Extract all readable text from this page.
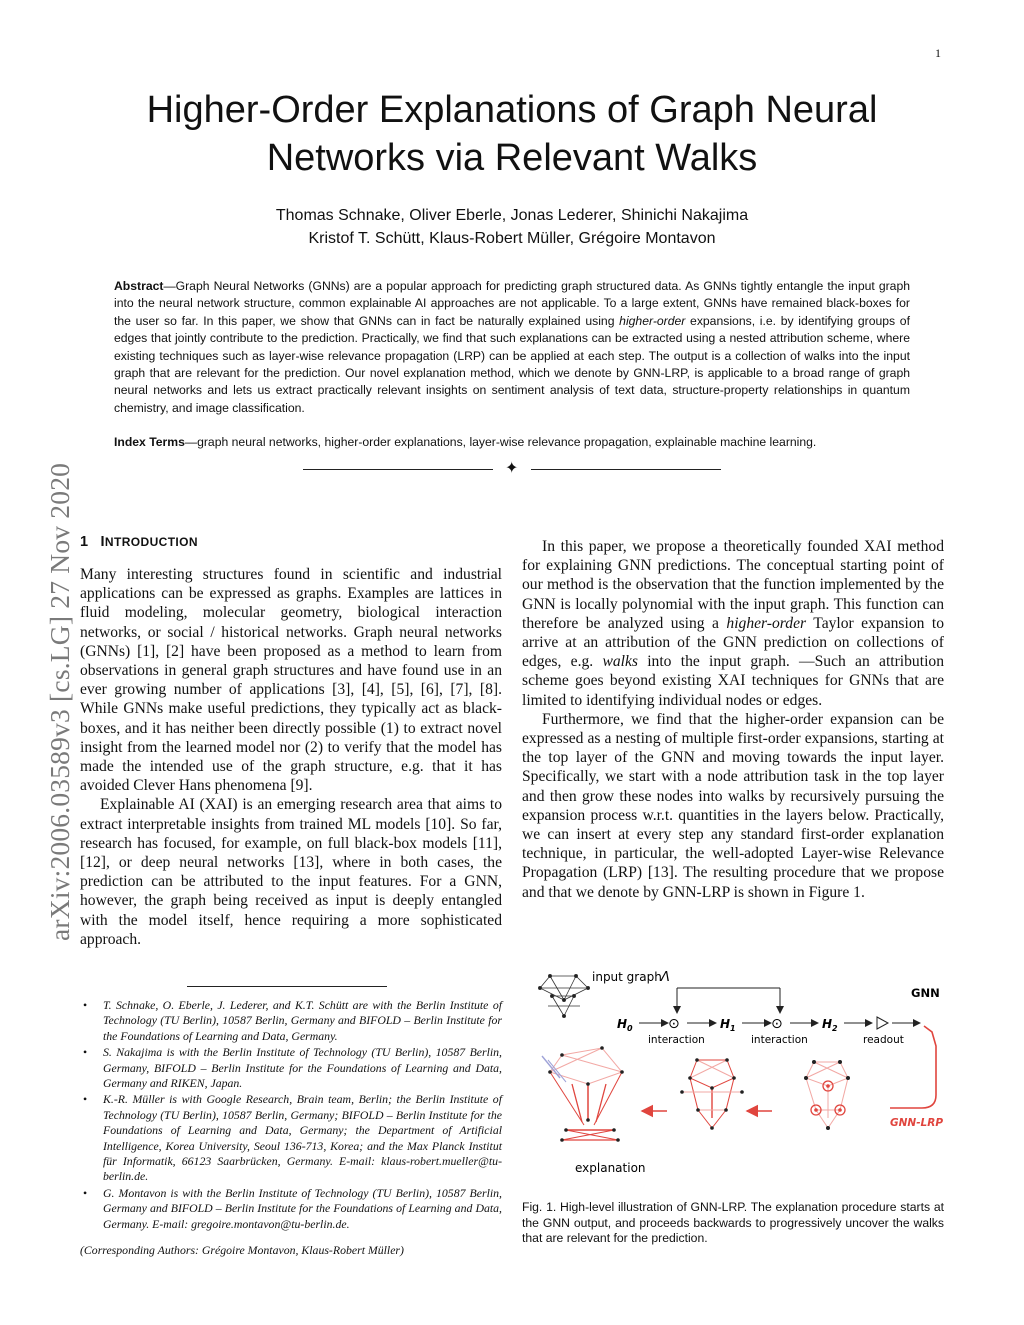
1
arXiv:2006.03589v3 [cs.LG] 27 Nov 2020
Higher-Order Explanations of Graph Neural Networks via Relevant Walks
Thomas Schnake, Oliver Eberle, Jonas Lederer, Shinichi Nakajima
Kristof T. Schütt, Klaus-Robert Müller, Grégoire Montavon
Abstract—Graph Neural Networks (GNNs) are a popular approach for predicting graph structured data. As GNNs tightly entangle the input graph into the neural network structure, common explainable AI approaches are not applicable. To a large extent, GNNs have remained black-boxes for the user so far. In this paper, we show that GNNs can in fact be naturally explained using higher-order expansions, i.e. by identifying groups of edges that jointly contribute to the prediction. Practically, we find that such explanations can be extracted using a nested attribution scheme, where existing techniques such as layer-wise relevance propagation (LRP) can be applied at each step. The output is a collection of walks into the input graph that are relevant for the prediction. Our novel explanation method, which we denote by GNN-LRP, is applicable to a broad range of graph neural networks and lets us extract practically relevant insights on sentiment analysis of text data, structure-property relationships in quantum chemistry, and image classification.
Index Terms—graph neural networks, higher-order explanations, layer-wise relevance propagation, explainable machine learning.
✦
1 INTRODUCTION

Many interesting structures found in scientific and industrial applications can be expressed as graphs. Examples are lattices in fluid modeling, molecular geometry, biological interaction networks, or social / historical networks. Graph neural networks (GNNs) [1], [2] have been proposed as a method to learn from observations in general graph structures and have found use in an ever growing number of applications [3], [4], [5], [6], [7], [8]. While GNNs make useful predictions, they typically act as black-boxes, and it has neither been directly possible (1) to extract novel insight from the learned model nor (2) to verify that the model has made the intended use of the graph structure, e.g. that it has avoided Clever Hans phenomena [9].

Explainable AI (XAI) is an emerging research area that aims to extract interpretable insights from trained ML models [10]. So far, research has focused, for example, on full black-box models [11], [12], or deep neural networks [13], where in both cases, the prediction can be attributed to the input features. For a GNN, however, the graph being received as input is deeply entangled with the model itself, hence requiring a more sophisticated approach.

• T. Schnake, O. Eberle, J. Lederer, and K.T. Schütt are with the Berlin Institute of Technology (TU Berlin), 10587 Berlin, Germany and BIFOLD – Berlin Institute for the Foundations of Learning and Data, Germany.
• S. Nakajima is with the Berlin Institute of Technology (TU Berlin), 10587 Berlin, Germany, BIFOLD – Berlin Institute for the Foundations of Learning and Data, Germany and RIKEN, Japan.
• K.-R. Müller is with Google Research, Brain team, Berlin; the Berlin Institute of Technology (TU Berlin), 10587 Berlin, Germany; BIFOLD – Berlin Institute for the Foundations of Learning and Data, Germany; the Department of Artificial Intelligence, Korea University, Seoul 136-713, Korea; and the Max Planck Institut für Informatik, 66123 Saarbrücken, Germany. E-mail: klaus-robert.mueller@tu-berlin.de.
• G. Montavon is with the Berlin Institute of Technology (TU Berlin), 10587 Berlin, Germany and BIFOLD – Berlin Institute for the Foundations of Learning and Data, Germany. E-mail: gregoire.montavon@tu-berlin.de.
(Corresponding Authors: Grégoire Montavon, Klaus-Robert Müller)

In this paper, we propose a theoretically founded XAI method for explaining GNN predictions. The conceptual starting point of our method is the observation that the function implemented by the GNN is locally polynomial with the input graph. This function can therefore be analyzed using a higher-order Taylor expansion to arrive at an attribution of the GNN prediction on collections of edges, e.g. walks into the input graph. —Such an attribution scheme goes beyond existing XAI techniques for GNNs that are limited to identifying individual nodes or edges.

Furthermore, we find that the higher-order expansion can be expressed as a nesting of multiple first-order expansions, starting at the top layer of the GNN and moving towards the input layer. Specifically, we start with a node attribution task in the top layer and then grow these nodes into walks by recursively pursuing the expansion process w.r.t. quantities in the layers below. Practically, we can insert at every step any standard first-order explanation technique, in particular, the well-adopted Layer-wise Relevance Propagation (LRP) [13]. The resulting procedure that we propose and that we denote by GNN-LRP is shown in Figure 1.

input graph Λ
GNN
$H_0$	⊙	$H_1$	⊙	$H_2$
interaction	interaction	readout
GNN-LRP
explanation
Fig. 1. High-level illustration of GNN-LRP. The explanation procedure starts at the GNN output, and proceeds backwards to progressively uncover the walks that are relevant for the prediction.
